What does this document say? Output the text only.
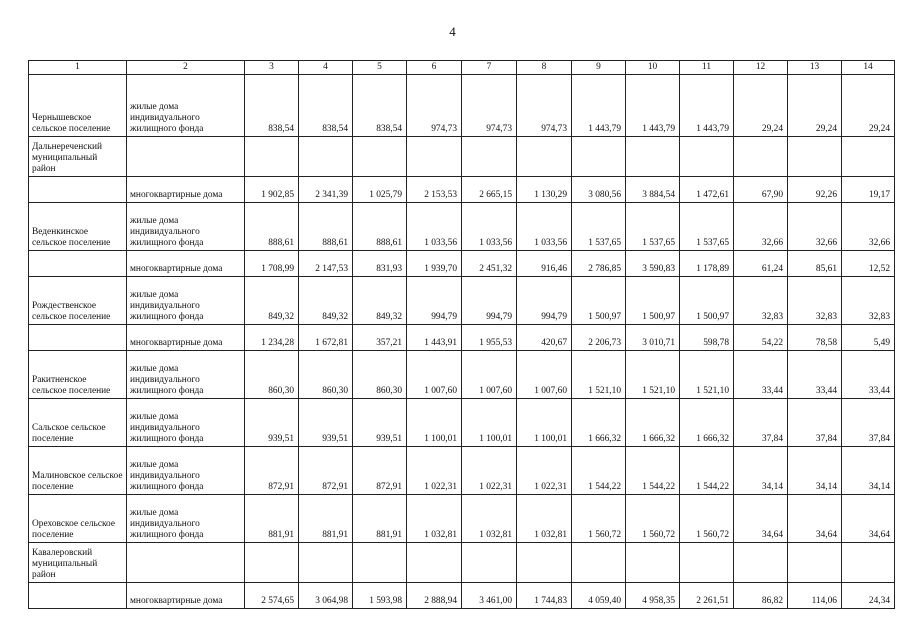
4
1	2	3	4	5	6	7	8	9	10	11	12	13	14
Чернышевское сельское поселение	жилые дома индивидуального жилищного фонда	838,54	838,54	838,54	974,73	974,73	974,73	1 443,79	1 443,79	1 443,79	29,24	29,24	29,24
Дальнереченский муниципальный район													
	многоквартирные дома	1 902,85	2 341,39	1 025,79	2 153,53	2 665,15	1 130,29	3 080,56	3 884,54	1 472,61	67,90	92,26	19,17
Веденкинское сельское поселение	жилые дома индивидуального жилищного фонда	888,61	888,61	888,61	1 033,56	1 033,56	1 033,56	1 537,65	1 537,65	1 537,65	32,66	32,66	32,66
	многоквартирные дома	1 708,99	2 147,53	831,93	1 939,70	2 451,32	916,46	2 786,85	3 590,83	1 178,89	61,24	85,61	12,52
Рождественское сельское поселение	жилые дома индивидуального жилищного фонда	849,32	849,32	849,32	994,79	994,79	994,79	1 500,97	1 500,97	1 500,97	32,83	32,83	32,83
	многоквартирные дома	1 234,28	1 672,81	357,21	1 443,91	1 955,53	420,67	2 206,73	3 010,71	598,78	54,22	78,58	5,49
Ракитненское сельское поселение	жилые дома индивидуального жилищного фонда	860,30	860,30	860,30	1 007,60	1 007,60	1 007,60	1 521,10	1 521,10	1 521,10	33,44	33,44	33,44
Сальское сельское поселение	жилые дома индивидуального жилищного фонда	939,51	939,51	939,51	1 100,01	1 100,01	1 100,01	1 666,32	1 666,32	1 666,32	37,84	37,84	37,84
Малиновское сельское поселение	жилые дома индивидуального жилищного фонда	872,91	872,91	872,91	1 022,31	1 022,31	1 022,31	1 544,22	1 544,22	1 544,22	34,14	34,14	34,14
Ореховское сельское поселение	жилые дома индивидуального жилищного фонда	881,91	881,91	881,91	1 032,81	1 032,81	1 032,81	1 560,72	1 560,72	1 560,72	34,64	34,64	34,64
Кавалеровский муниципальный район													
	многоквартирные дома	2 574,65	3 064,98	1 593,98	2 888,94	3 461,00	1 744,83	4 059,40	4 958,35	2 261,51	86,82	114,06	24,34
